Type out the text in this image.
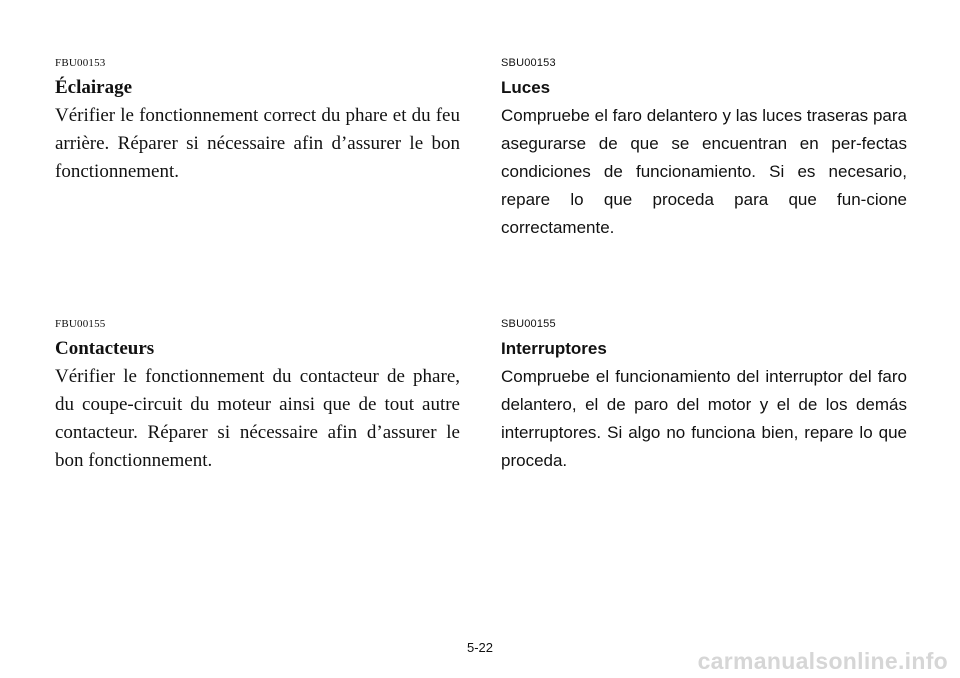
FBU00153
Éclairage

Vérifier le fonctionnement correct du phare et du feu arrière. Réparer si nécessaire afin d’assurer le bon fonctionnement.

SBU00153
Luces

Compruebe el faro delantero y las luces traseras para asegurarse de que se encuentran en per-fectas condiciones de funcionamiento. Si es necesario, repare lo que proceda para que fun-cione correctamente.

FBU00155
Contacteurs

Vérifier le fonctionnement du contacteur de phare, du coupe-circuit du moteur ainsi que de tout autre contacteur. Réparer si nécessaire afin d’assurer le bon fonctionnement.

SBU00155
Interruptores

Compruebe el funcionamiento del interruptor del faro delantero, el de paro del motor y el de los demás interruptores. Si algo no funciona bien, repare lo que proceda.

5-22
carmanualsonline.info
